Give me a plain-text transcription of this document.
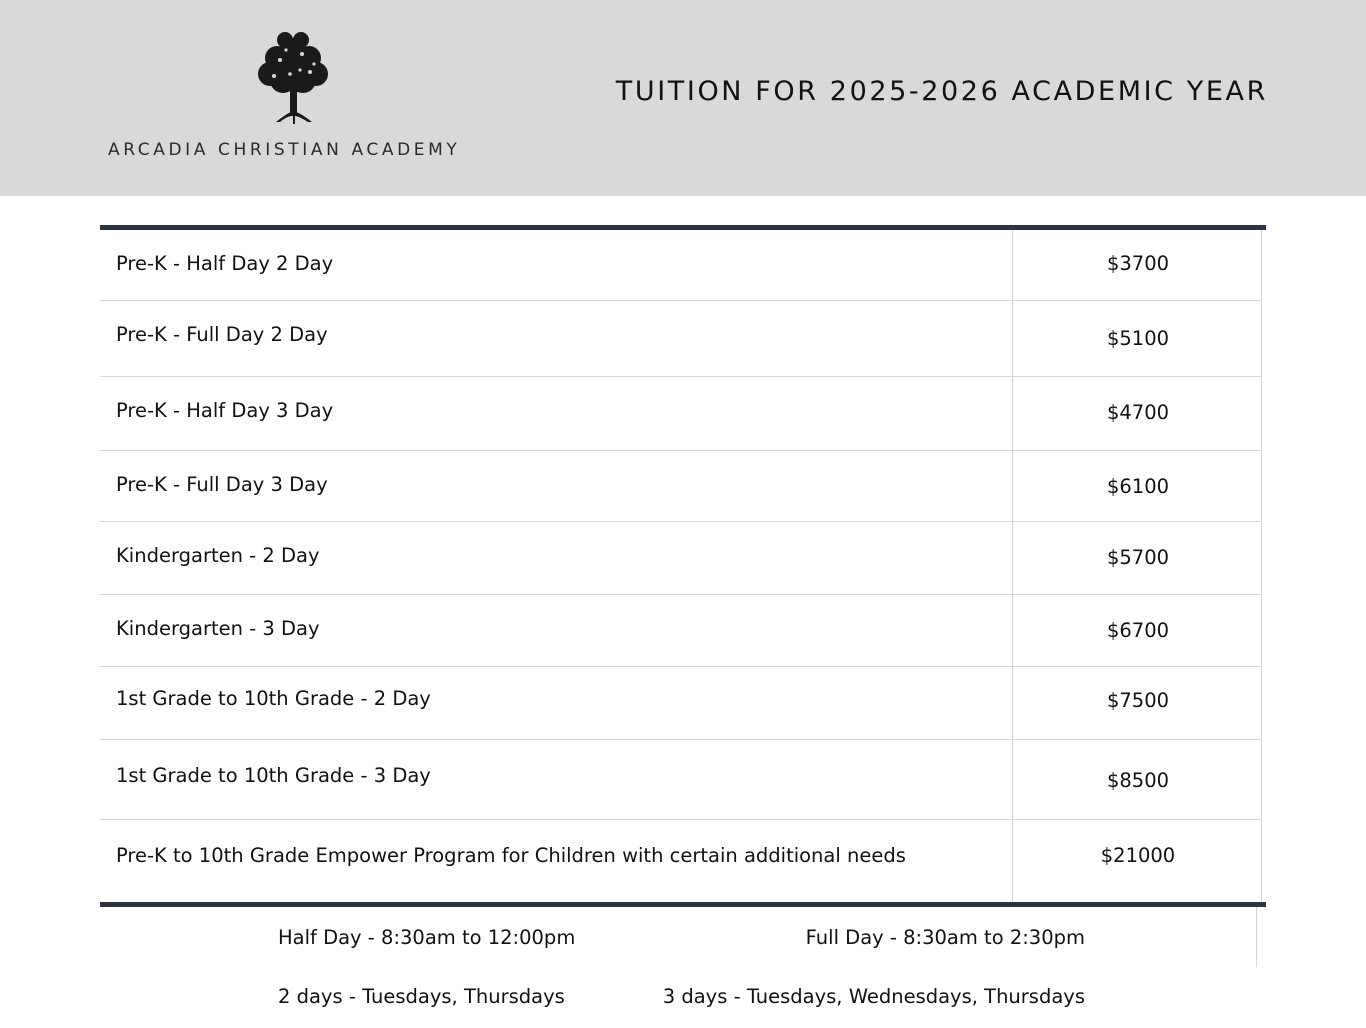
ARCADIA CHRISTIAN ACADEMY
TUITION FOR 2025-2026 ACADEMIC YEAR
Pre-K - Half Day 2 Day	$3700
Pre-K - Full Day 2 Day	$5100
Pre-K - Half Day 3 Day	$4700
Pre-K - Full Day 3 Day	$6100
Kindergarten - 2 Day	$5700
Kindergarten - 3 Day	$6700
1st Grade to 10th Grade - 2 Day	$7500
1st Grade to 10th Grade - 3 Day	$8500
Pre-K to 10th Grade Empower Program for Children with certain additional needs	$21000
Half Day - 8:30am to 12:00pm	Full Day - 8:30am to 2:30pm
2 days - Tuesdays, Thursdays	3 days - Tuesdays, Wednesdays, Thursdays
